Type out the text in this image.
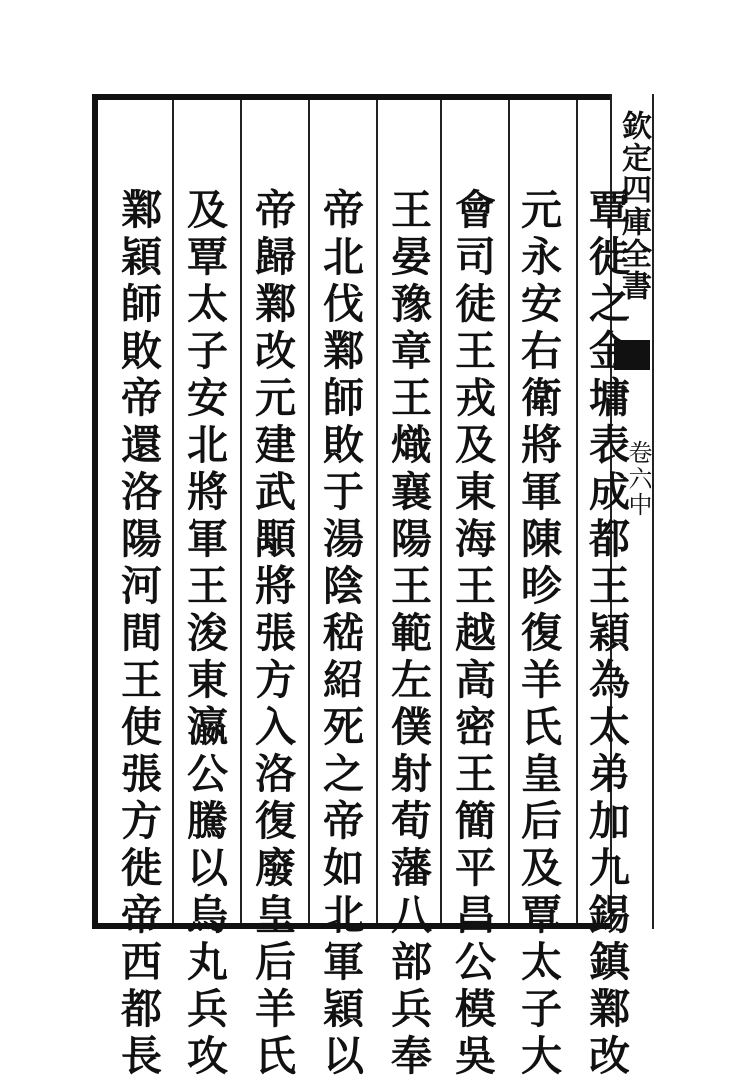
欽定四庫全書
卷六中
覃徙之金墉表成都王穎為太弟加九錫鎮鄴改
元永安右衛將軍陳昣復羊氏皇后及覃太子大
會司徒王戎及東海王越高密王簡平昌公模吳
王晏豫章王熾襄陽王範左僕射荀藩八部兵奉
帝北伐鄴師敗于湯陰嵇紹死之帝如北軍穎以
帝歸鄴改元建武顒將張方入洛復廢皇后羊氏
及覃太子安北將軍王浚東瀛公騰以烏丸兵攻
鄴穎師敗帝還洛陽河間王使張方徙帝西都長
